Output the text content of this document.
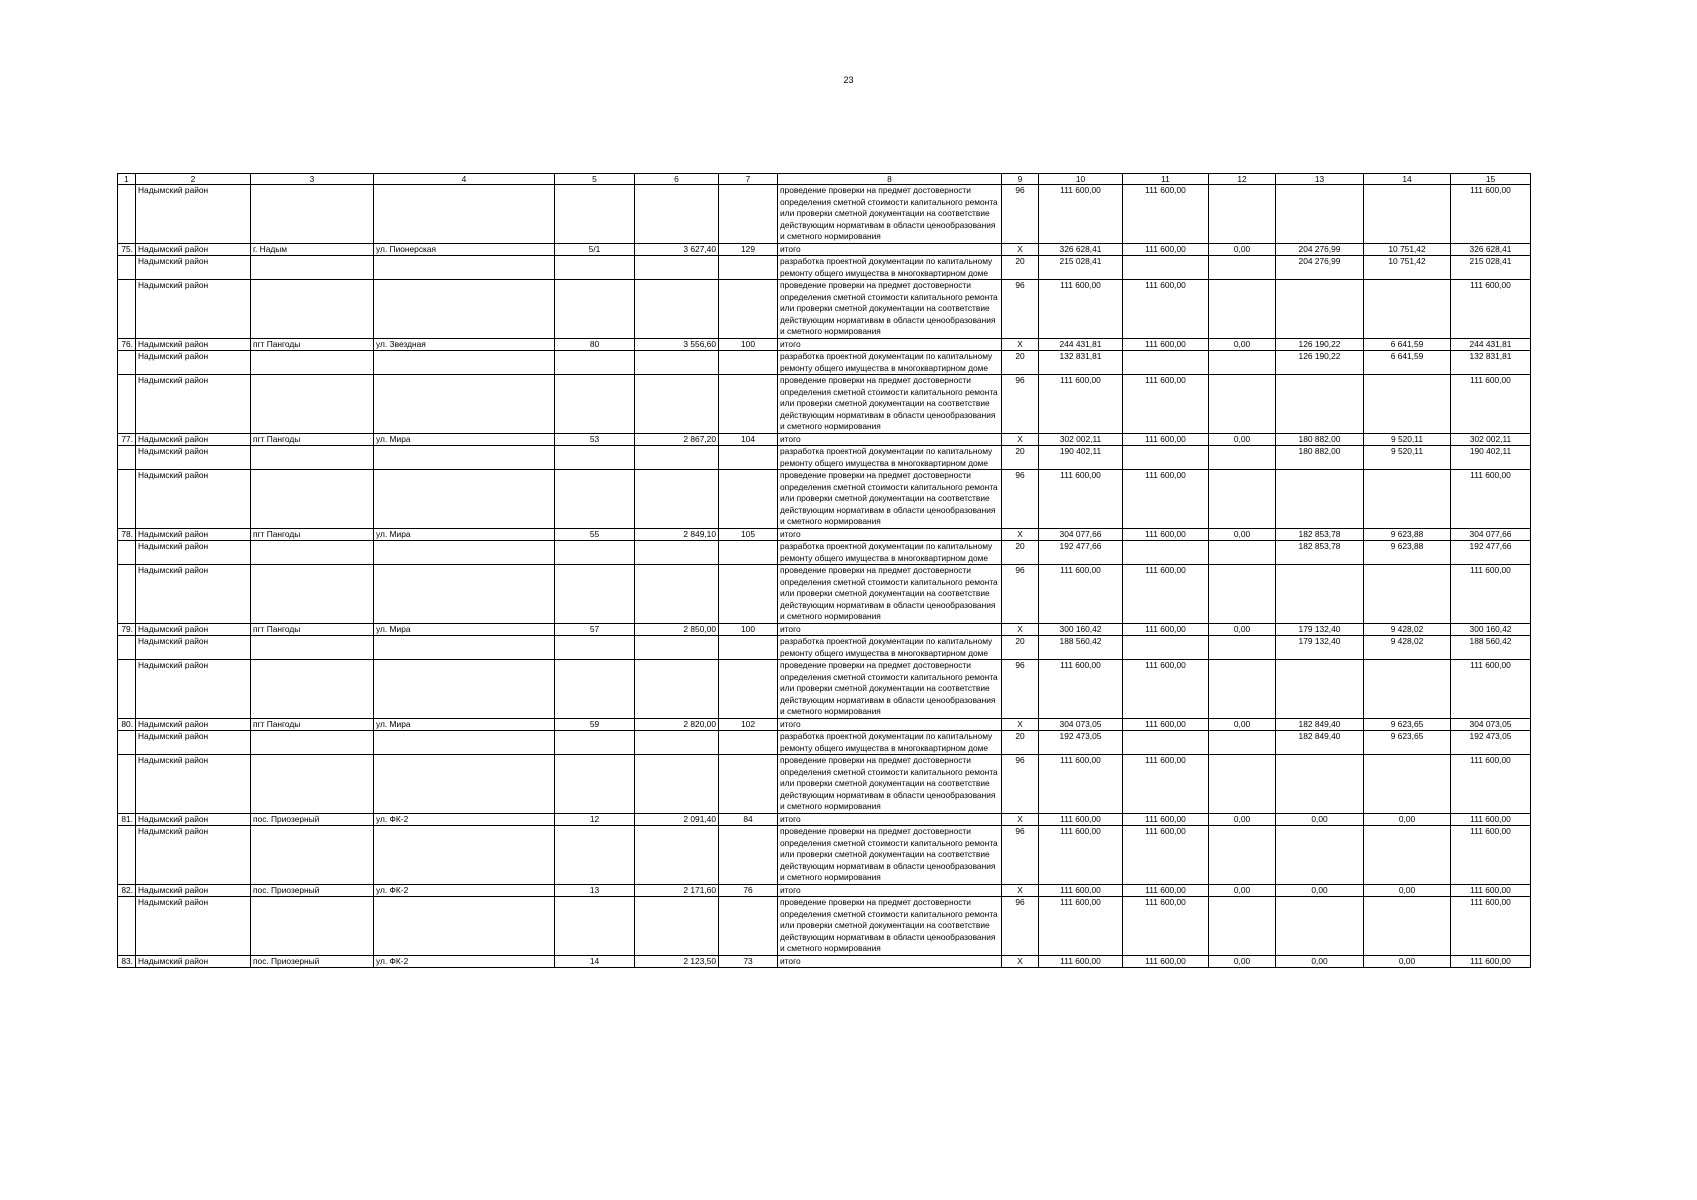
23
1	2	3	4	5	6	7	8	9	10	11	12	13	14	15
	Надымский район						проведение проверки на предмет достоверности определения сметной стоимости капитального ремонта или проверки сметной документации на соответствие действующим нормативам в области ценообразования и сметного нормирования	96	111 600,00	111 600,00				111 600,00
75.	Надымский район	г. Надым	ул. Пионерская	5/1	3 627,40	129	итого	X	326 628,41	111 600,00	0,00	204 276,99	10 751,42	326 628,41
	Надымский район						разработка проектной документации по капитальному ремонту общего имущества в многоквартирном доме	20	215 028,41			204 276,99	10 751,42	215 028,41
	Надымский район						проведение проверки на предмет достоверности определения сметной стоимости капитального ремонта или проверки сметной документации на соответствие действующим нормативам в области ценообразования и сметного нормирования	96	111 600,00	111 600,00				111 600,00
76.	Надымский район	пгт Пангоды	ул. Звездная	80	3 556,60	100	итого	X	244 431,81	111 600,00	0,00	126 190,22	6 641,59	244 431,81
	Надымский район						разработка проектной документации по капитальному ремонту общего имущества в многоквартирном доме	20	132 831,81			126 190,22	6 641,59	132 831,81
	Надымский район						проведение проверки на предмет достоверности определения сметной стоимости капитального ремонта или проверки сметной документации на соответствие действующим нормативам в области ценообразования и сметного нормирования	96	111 600,00	111 600,00				111 600,00
77.	Надымский район	пгт Пангоды	ул. Мира	53	2 867,20	104	итого	X	302 002,11	111 600,00	0,00	180 882,00	9 520,11	302 002,11
	Надымский район						разработка проектной документации по капитальному ремонту общего имущества в многоквартирном доме	20	190 402,11			180 882,00	9 520,11	190 402,11
	Надымский район						проведение проверки на предмет достоверности определения сметной стоимости капитального ремонта или проверки сметной документации на соответствие действующим нормативам в области ценообразования и сметного нормирования	96	111 600,00	111 600,00				111 600,00
78.	Надымский район	пгт Пангоды	ул. Мира	55	2 849,10	105	итого	X	304 077,66	111 600,00	0,00	182 853,78	9 623,88	304 077,66
	Надымский район						разработка проектной документации по капитальному ремонту общего имущества в многоквартирном доме	20	192 477,66			182 853,78	9 623,88	192 477,66
	Надымский район						проведение проверки на предмет достоверности определения сметной стоимости капитального ремонта или проверки сметной документации на соответствие действующим нормативам в области ценообразования и сметного нормирования	96	111 600,00	111 600,00				111 600,00
79.	Надымский район	пгт Пангоды	ул. Мира	57	2 850,00	100	итого	X	300 160,42	111 600,00	0,00	179 132,40	9 428,02	300 160,42
	Надымский район						разработка проектной документации по капитальному ремонту общего имущества в многоквартирном доме	20	188 560,42			179 132,40	9 428,02	188 560,42
	Надымский район						проведение проверки на предмет достоверности определения сметной стоимости капитального ремонта или проверки сметной документации на соответствие действующим нормативам в области ценообразования и сметного нормирования	96	111 600,00	111 600,00				111 600,00
80.	Надымский район	пгт Пангоды	ул. Мира	59	2 820,00	102	итого	X	304 073,05	111 600,00	0,00	182 849,40	9 623,65	304 073,05
	Надымский район						разработка проектной документации по капитальному ремонту общего имущества в многоквартирном доме	20	192 473,05			182 849,40	9 623,65	192 473,05
	Надымский район						проведение проверки на предмет достоверности определения сметной стоимости капитального ремонта или проверки сметной документации на соответствие действующим нормативам в области ценообразования и сметного нормирования	96	111 600,00	111 600,00				111 600,00
81.	Надымский район	пос. Приозерный	ул. ФК-2	12	2 091,40	84	итого	X	111 600,00	111 600,00	0,00	0,00	0,00	111 600,00
	Надымский район						проведение проверки на предмет достоверности определения сметной стоимости капитального ремонта или проверки сметной документации на соответствие действующим нормативам в области ценообразования и сметного нормирования	96	111 600,00	111 600,00				111 600,00
82.	Надымский район	пос. Приозерный	ул. ФК-2	13	2 171,60	76	итого	X	111 600,00	111 600,00	0,00	0,00	0,00	111 600,00
	Надымский район						проведение проверки на предмет достоверности определения сметной стоимости капитального ремонта или проверки сметной документации на соответствие действующим нормативам в области ценообразования и сметного нормирования	96	111 600,00	111 600,00				111 600,00
83.	Надымский район	пос. Приозерный	ул. ФК-2	14	2 123,50	73	итого	X	111 600,00	111 600,00	0,00	0,00	0,00	111 600,00
